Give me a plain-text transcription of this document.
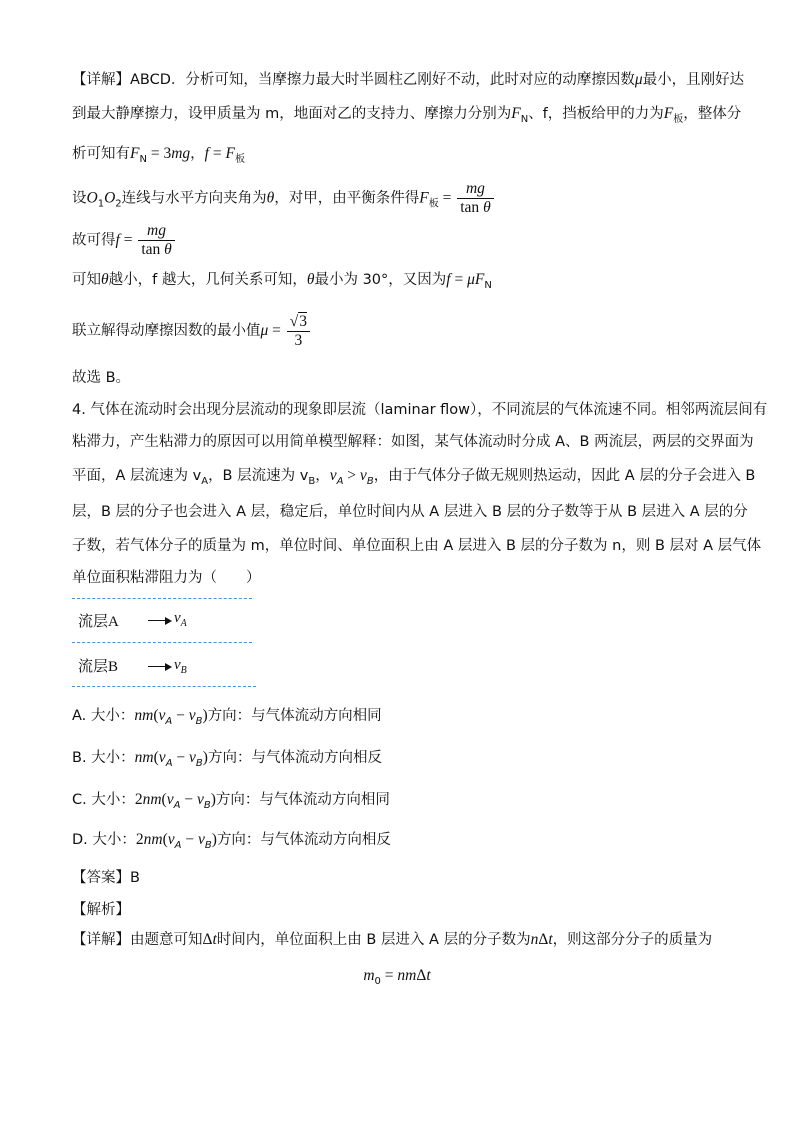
【详解】ABCD．分析可知，当摩擦力最大时半圆柱乙刚好不动，此时对应的动摩擦因数μ最小，且刚好达
到最大静摩擦力，设甲质量为 m，地面对乙的支持力、摩擦力分别为$F_N$、f，挡板给甲的力为$F_板$，整体分
析可知有$F_N = 3mg$，$f = F_板$
设$O_1O_2$连线与水平方向夹角为θ，对甲，由平衡条件得$F_板 = \frac{mg}{\text{tan θ}}$
故可得$f = \frac{mg}{\text{tan θ}}$
可知θ越小，f 越大，几何关系可知，θ最小为 30°，又因为$f = \mu F_N$
联立解得动摩擦因数的最小值$\mu = \frac{√3}{3}$
故选 B。
4. 气体在流动时会出现分层流动的现象即层流（laminar flow），不同流层的气体流速不同。相邻两流层间有
粘滞力，产生粘滞力的原因可以用简单模型解释：如图，某气体流动时分成 A、B 两流层，两层的交界面为
平面，A 层流速为 $v_A$，B 层流速为 $v_B$，$v_A > v_B$，由于气体分子做无规则热运动，因此 A 层的分子会进入 B
层，B 层的分子也会进入 A 层，稳定后，单位时间内从 A 层进入 B 层的分子数等于从 B 层进入 A 层的分
子数，若气体分子的质量为 m，单位时间、单位面积上由 A 层进入 B 层的分子数为 n，则 B 层对 A 层气体
单位面积粘滞阻力为（　　）
流层A	$v_A$
流层B	$v_B$
A. 大小：$nm(v_A - v_B)$方向：与气体流动方向相同
B. 大小：$nm(v_A - v_B)$方向：与气体流动方向相反
C. 大小：$2nm(v_A - v_B)$方向：与气体流动方向相同
D. 大小：$2nm(v_A - v_B)$方向：与气体流动方向相反
【答案】B
【解析】
【详解】由题意可知Δt时间内，单位面积上由 B 层进入 A 层的分子数为nΔt，则这部分分子的质量为
$m_0 = nm\Delta t$
